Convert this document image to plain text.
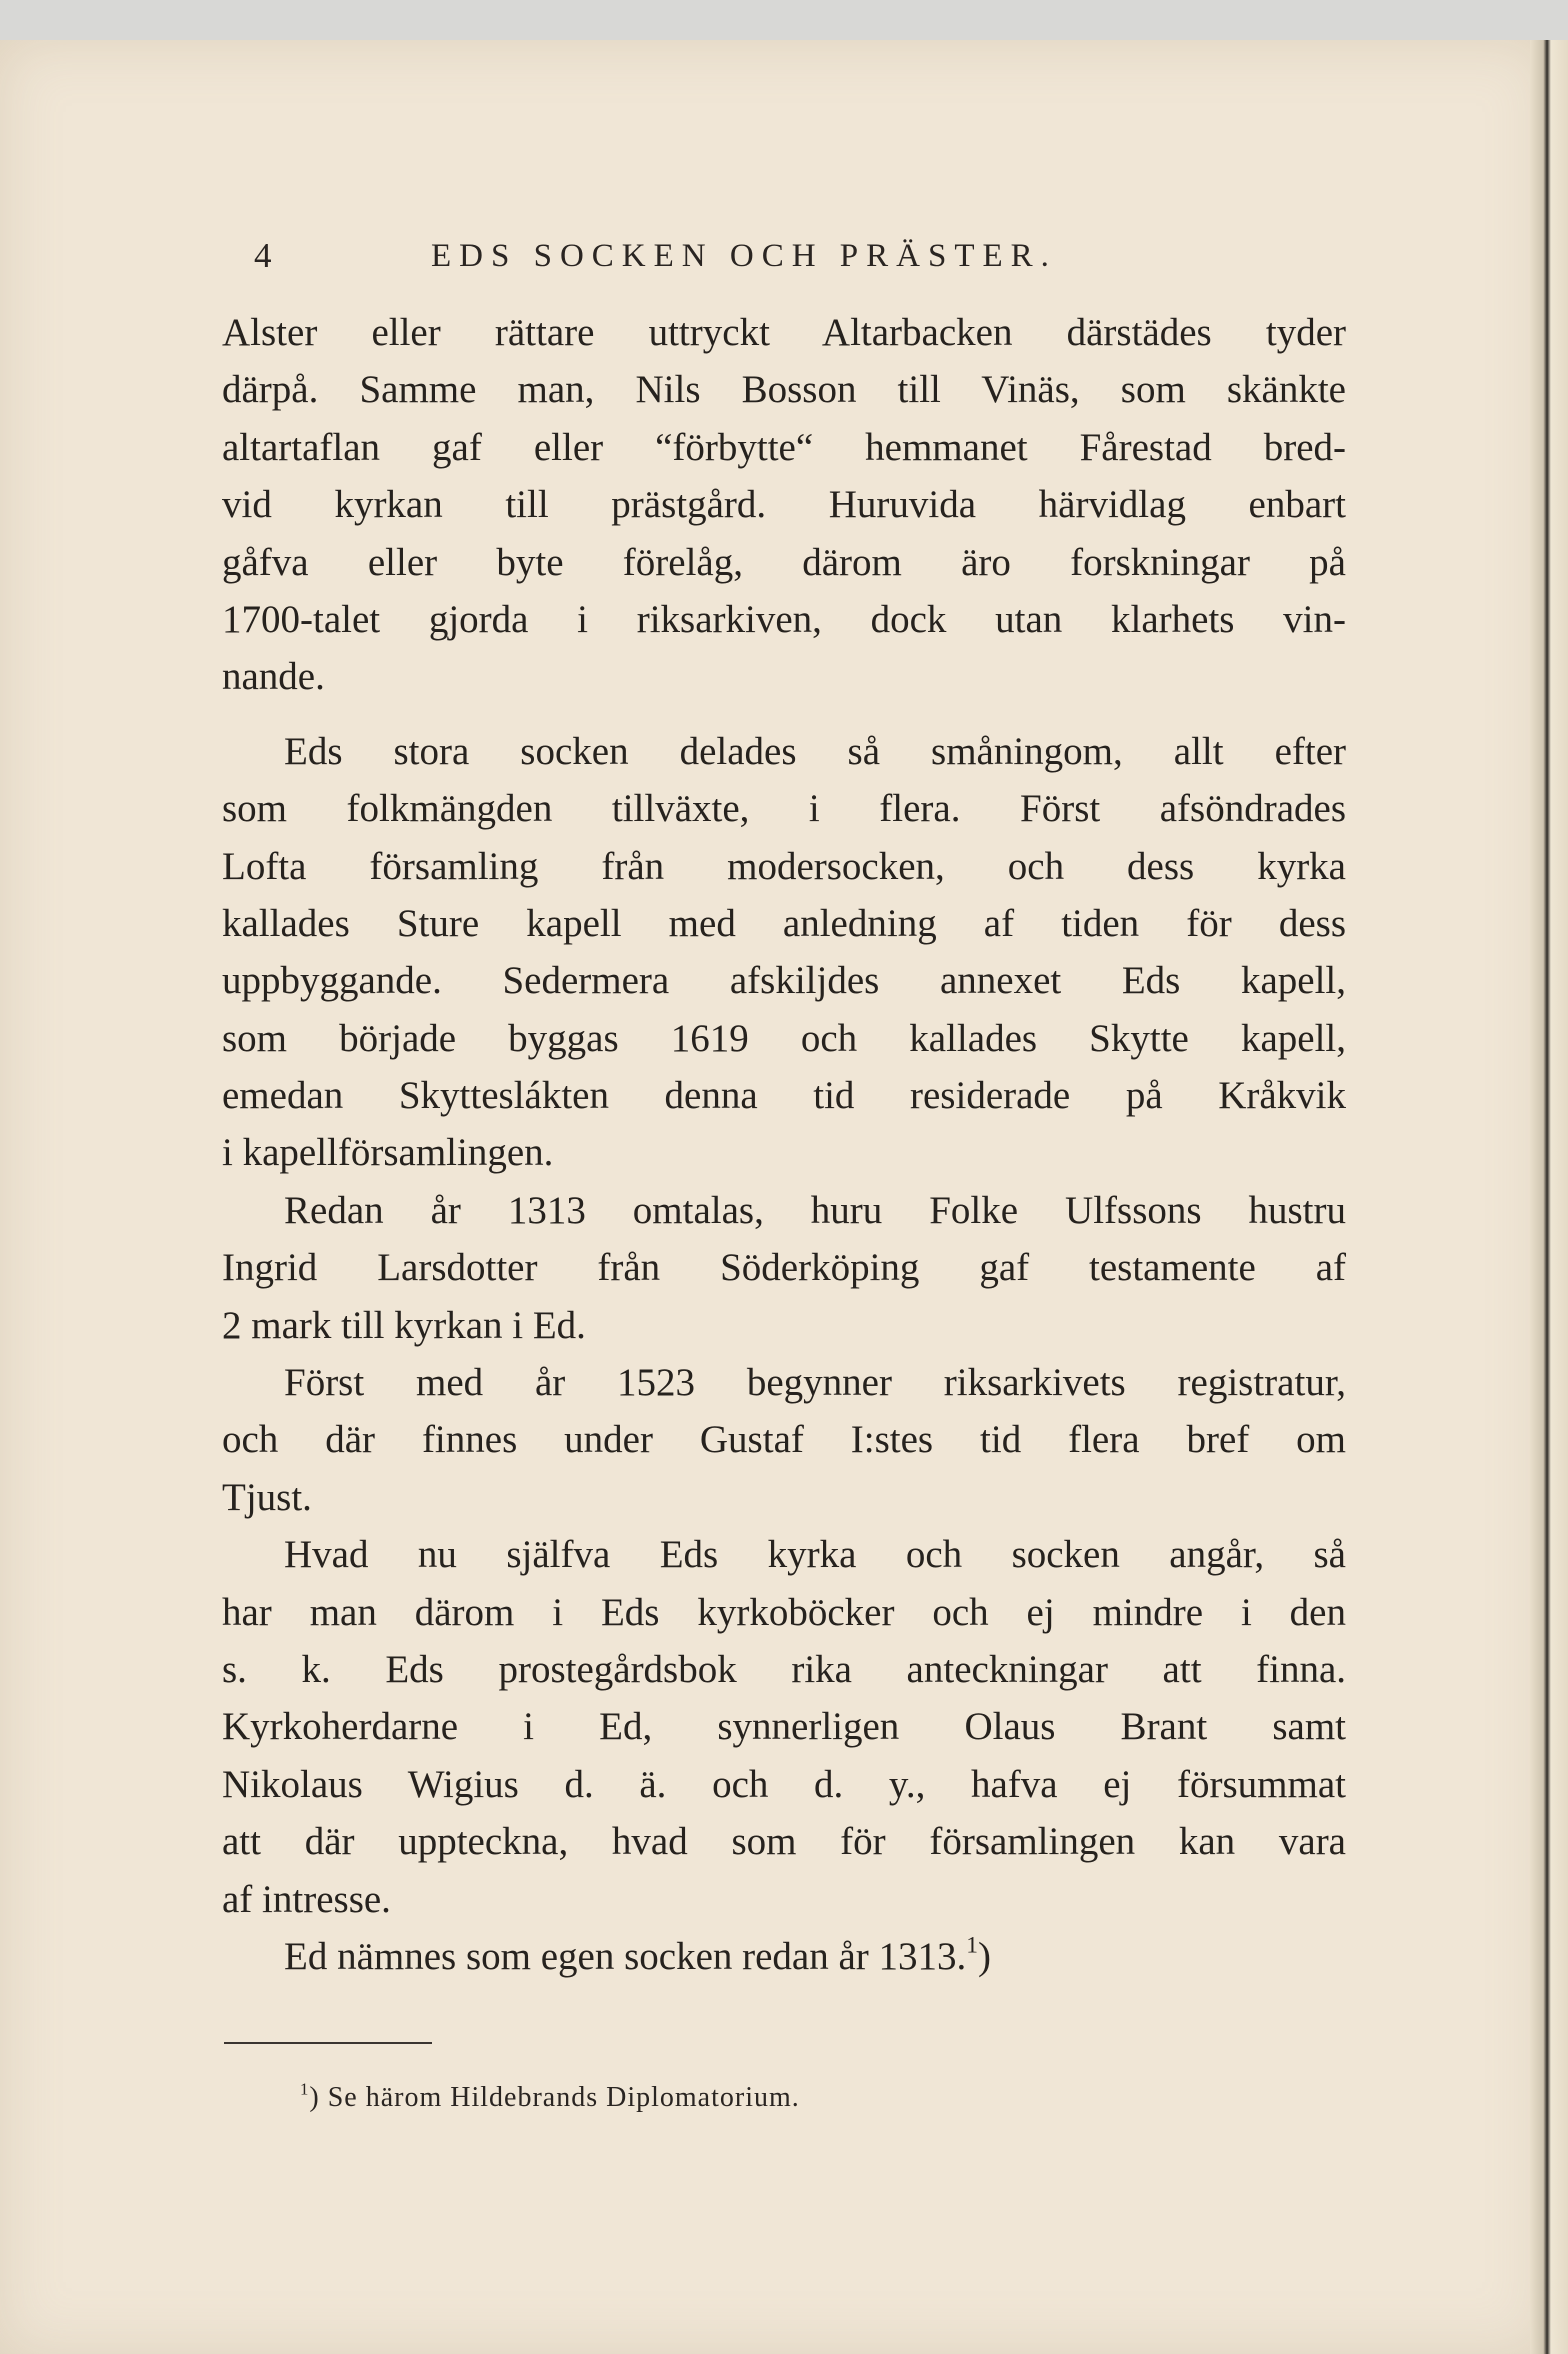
4	EDS SOCKEN OCH PRÄSTER.
Alster eller rättare uttryckt Altarbacken därstädes tyder
därpå. Samme man, Nils Bosson till Vinäs, som skänkte
altartaflan gaf eller “förbytte“ hemmanet Fårestad bred-
vid kyrkan till prästgård. Huruvida härvidlag enbart
gåfva eller byte förelåg, därom äro forskningar på
1700-talet gjorda i riksarkiven, dock utan klarhets vin-
nande.
Eds stora socken delades så småningom, allt efter
som folkmängden tillväxte, i flera. Först afsöndrades
Lofta församling från modersocken, och dess kyrka
kallades Sture kapell med anledning af tiden för dess
uppbyggande. Sedermera afskiljdes annexet Eds kapell,
som började byggas 1619 och kallades Skytte kapell,
emedan Skytteslákten denna tid residerade på Kråkvik
i kapellförsamlingen.
Redan år 1313 omtalas, huru Folke Ulfssons hustru
Ingrid Larsdotter från Söderköping gaf testamente af
2 mark till kyrkan i Ed.
Först med år 1523 begynner riksarkivets registratur,
och där finnes under Gustaf I:stes tid flera bref om
Tjust.
Hvad nu själfva Eds kyrka och socken angår, så
har man därom i Eds kyrkoböcker och ej mindre i den
s. k. Eds prostegårdsbok rika anteckningar att finna.
Kyrkoherdarne i Ed, synnerligen Olaus Brant samt
Nikolaus Wigius d. ä. och d. y., hafva ej försummat
att där uppteckna, hvad som för församlingen kan vara
af intresse.
Ed nämnes som egen socken redan år 1313.$^1$)
$^1$) Se härom Hildebrands Diplomatorium.
